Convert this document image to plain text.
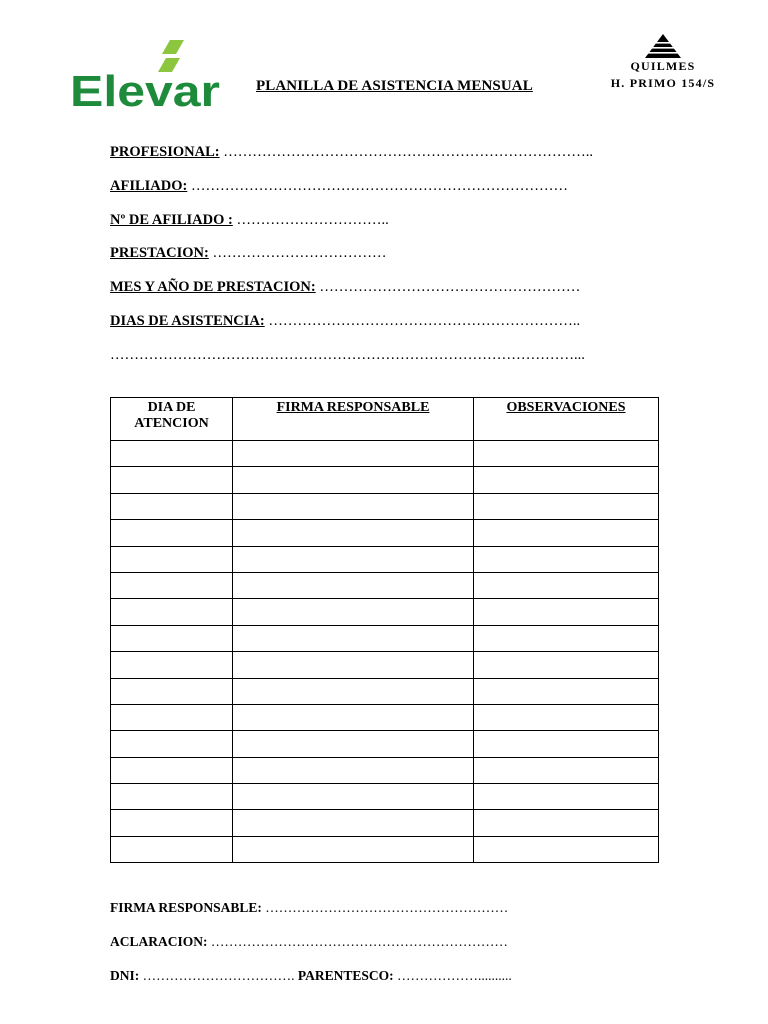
Elevar PLANILLA DE ASISTENCIA MENSUAL
QUILMES
H. PRIMO 154/S
PROFESIONAL: …………………………………………………………………..
AFILIADO: ……………………………………………………………………
Nº DE AFILIADO : …………………………..
PRESTACION: ………………………………
MES Y AÑO DE PRESTACION: ………………………………………………
DIAS DE ASISTENCIA: ………………………………………………………..
……………………………………………………………………………………...
DIA DE ATENCION	FIRMA RESPONSABLE	OBSERVACIONES

FIRMA RESPONSABLE: ………………………………………………
ACLARACION: …………………………………………………………
DNI: ……………………………. PARENTESCO: ………………..........
